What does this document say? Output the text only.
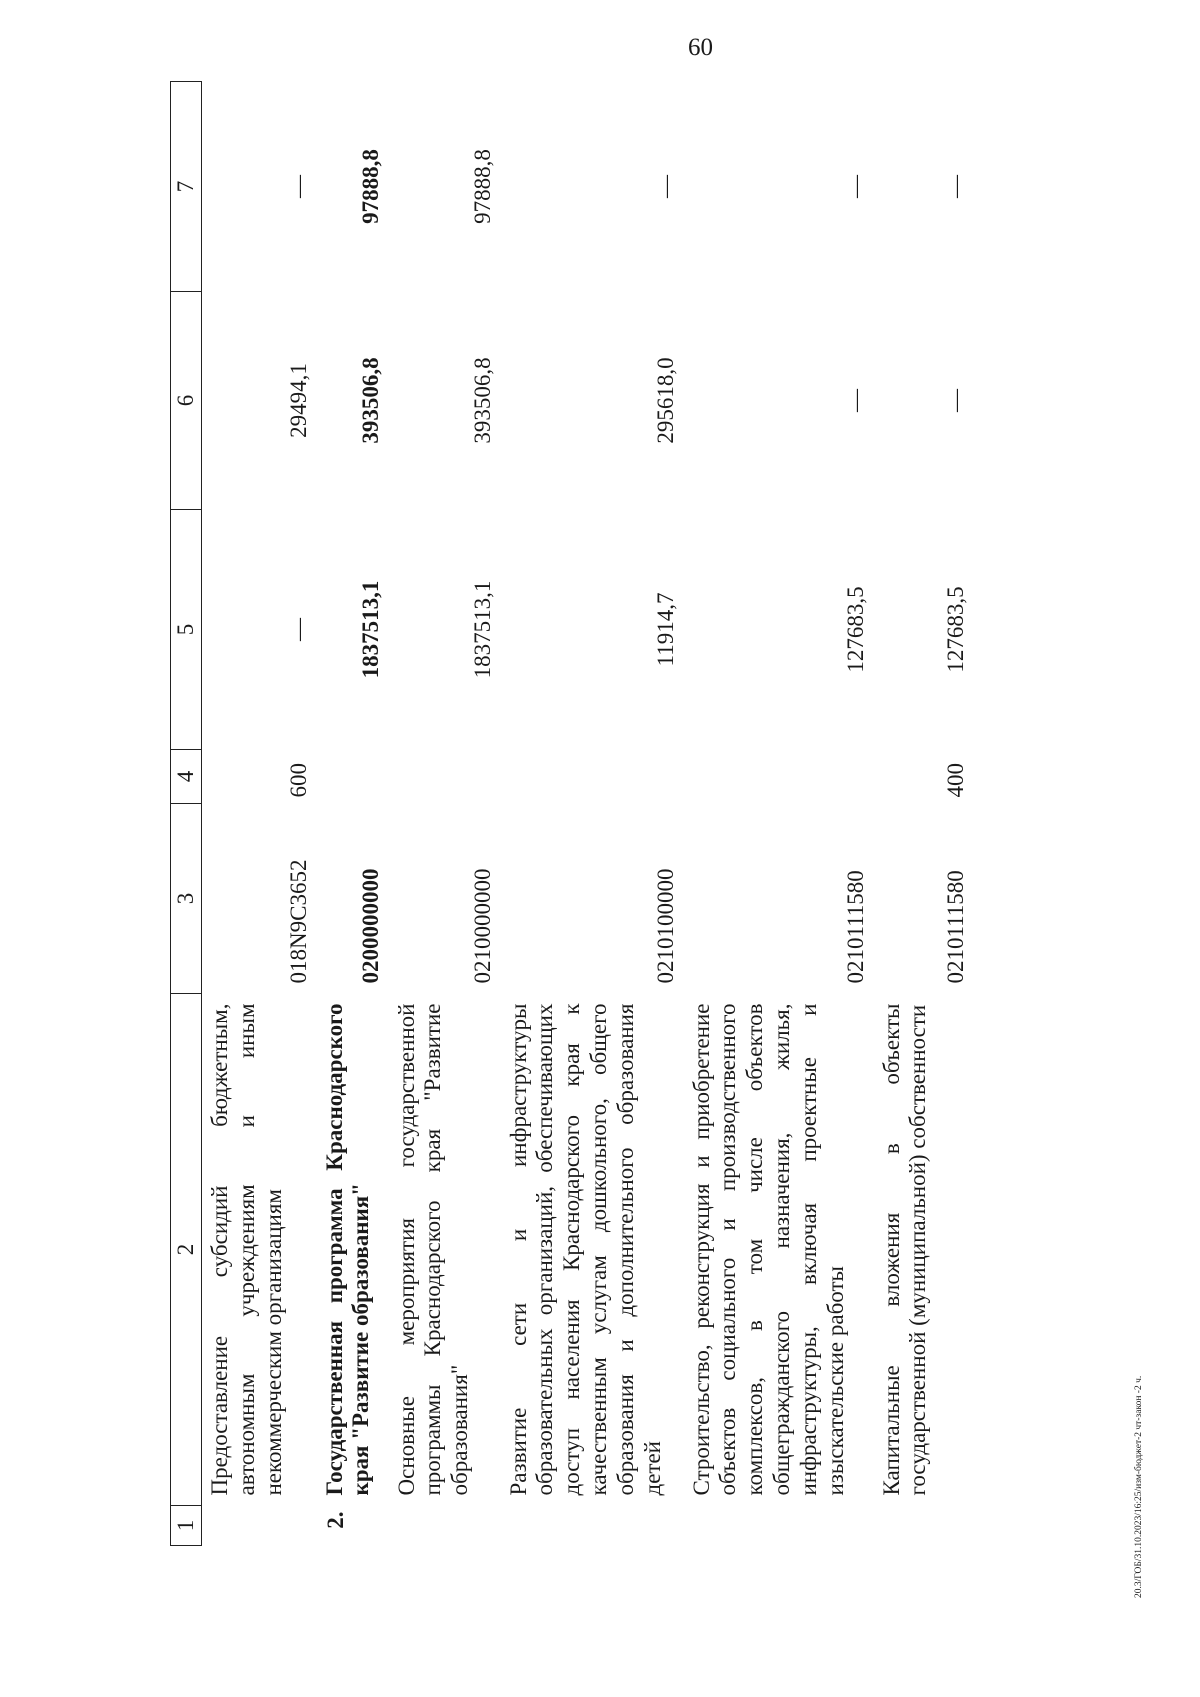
60
20.3/ГОБ/31.10.2023/16:25/изм-бюджет-2 чт-закон -2 ч.
1	2	3	4	5	6	7
	Предоставление субсидий бюджетным, автономным учреждениям и иным некоммерческим организациям	018N9C3652	600	—	29494,1	—
2.	Государственная программа Краснодарского края "Развитие образования"	0200000000		1837513,1	393506,8	97888,8
	Основные мероприятия государственной программы Краснодарского края "Развитие образования"	0210000000		1837513,1	393506,8	97888,8
	Развитие сети и инфраструктуры образовательных организаций, обеспечивающих доступ населения Краснодарского края к качественным услугам дошкольного, общего образования и дополнительного образования детей	0210100000		11914,7	295618,0	—
	Строительство, реконструкция и приобретение объектов социального и производственного комплексов, в том числе объектов общегражданского назначения, жилья, инфраструктуры, включая проектные и изыскательские работы	0210111580		127683,5	—	—
	Капитальные вложения в объекты государственной (муниципальной) собственности	0210111580	400	127683,5	—	—
